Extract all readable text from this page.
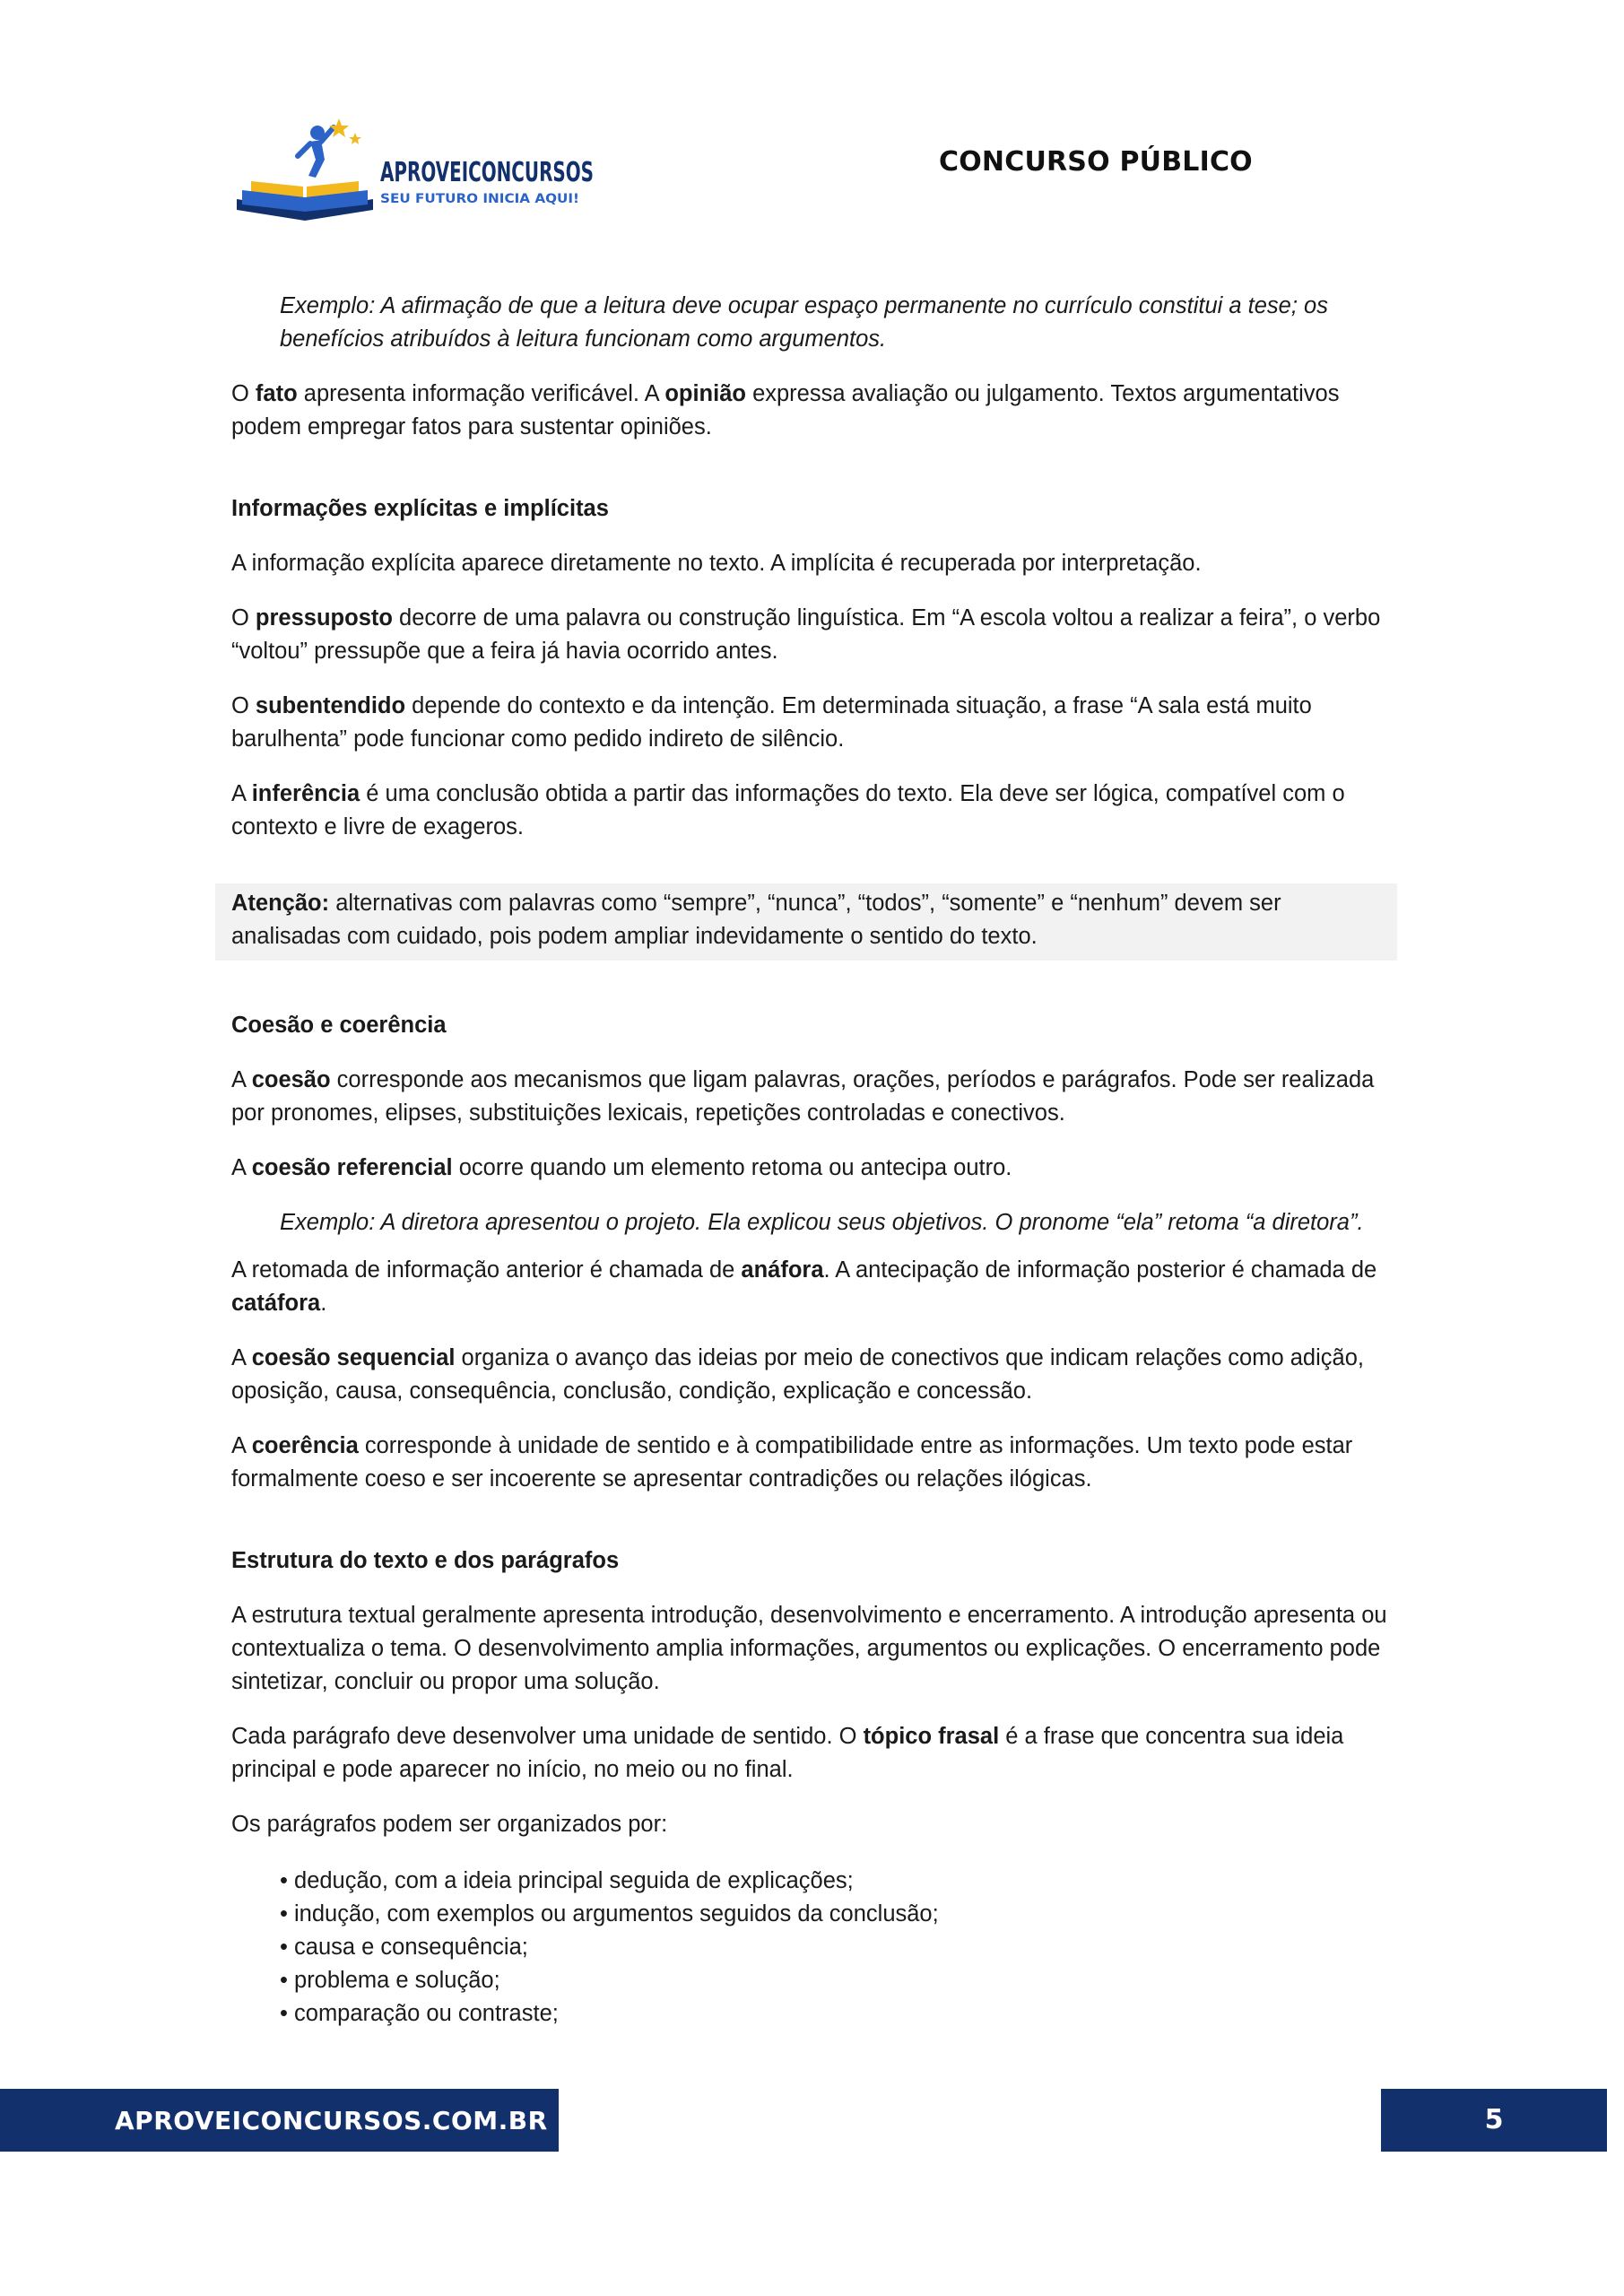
APROVEICONCURSOS
SEU FUTURO INICIA AQUI!
CONCURSO PÚBLICO

Exemplo: A afirmação de que a leitura deve ocupar espaço permanente no currículo constitui a tese; os benefícios atribuídos à leitura funcionam como argumentos.

O fato apresenta informação verificável. A opinião expressa avaliação ou julgamento. Textos argumentativos podem empregar fatos para sustentar opiniões.

Informações explícitas e implícitas

A informação explícita aparece diretamente no texto. A implícita é recuperada por interpretação.

O pressuposto decorre de uma palavra ou construção linguística. Em “A escola voltou a realizar a feira”, o verbo “voltou” pressupõe que a feira já havia ocorrido antes.

O subentendido depende do contexto e da intenção. Em determinada situação, a frase “A sala está muito barulhenta” pode funcionar como pedido indireto de silêncio.

A inferência é uma conclusão obtida a partir das informações do texto. Ela deve ser lógica, compatível com o contexto e livre de exageros.

Atenção: alternativas com palavras como “sempre”, “nunca”, “todos”, “somente” e “nenhum” devem ser analisadas com cuidado, pois podem ampliar indevidamente o sentido do texto.

Coesão e coerência

A coesão corresponde aos mecanismos que ligam palavras, orações, períodos e parágrafos. Pode ser realizada por pronomes, elipses, substituições lexicais, repetições controladas e conectivos.

A coesão referencial ocorre quando um elemento retoma ou antecipa outro.

Exemplo: A diretora apresentou o projeto. Ela explicou seus objetivos. O pronome “ela” retoma “a diretora”.

A retomada de informação anterior é chamada de anáfora. A antecipação de informação posterior é chamada de catáfora.

A coesão sequencial organiza o avanço das ideias por meio de conectivos que indicam relações como adição, oposição, causa, consequência, conclusão, condição, explicação e concessão.

A coerência corresponde à unidade de sentido e à compatibilidade entre as informações. Um texto pode estar formalmente coeso e ser incoerente se apresentar contradições ou relações ilógicas.

Estrutura do texto e dos parágrafos

A estrutura textual geralmente apresenta introdução, desenvolvimento e encerramento. A introdução apresenta ou contextualiza o tema. O desenvolvimento amplia informações, argumentos ou explicações. O encerramento pode sintetizar, concluir ou propor uma solução.

Cada parágrafo deve desenvolver uma unidade de sentido. O tópico frasal é a frase que concentra sua ideia principal e pode aparecer no início, no meio ou no final.

Os parágrafos podem ser organizados por:

• dedução, com a ideia principal seguida de explicações;
• indução, com exemplos ou argumentos seguidos da conclusão;
• causa e consequência;
• problema e solução;
• comparação ou contraste;
APROVEICONCURSOS.COM.BR	5
